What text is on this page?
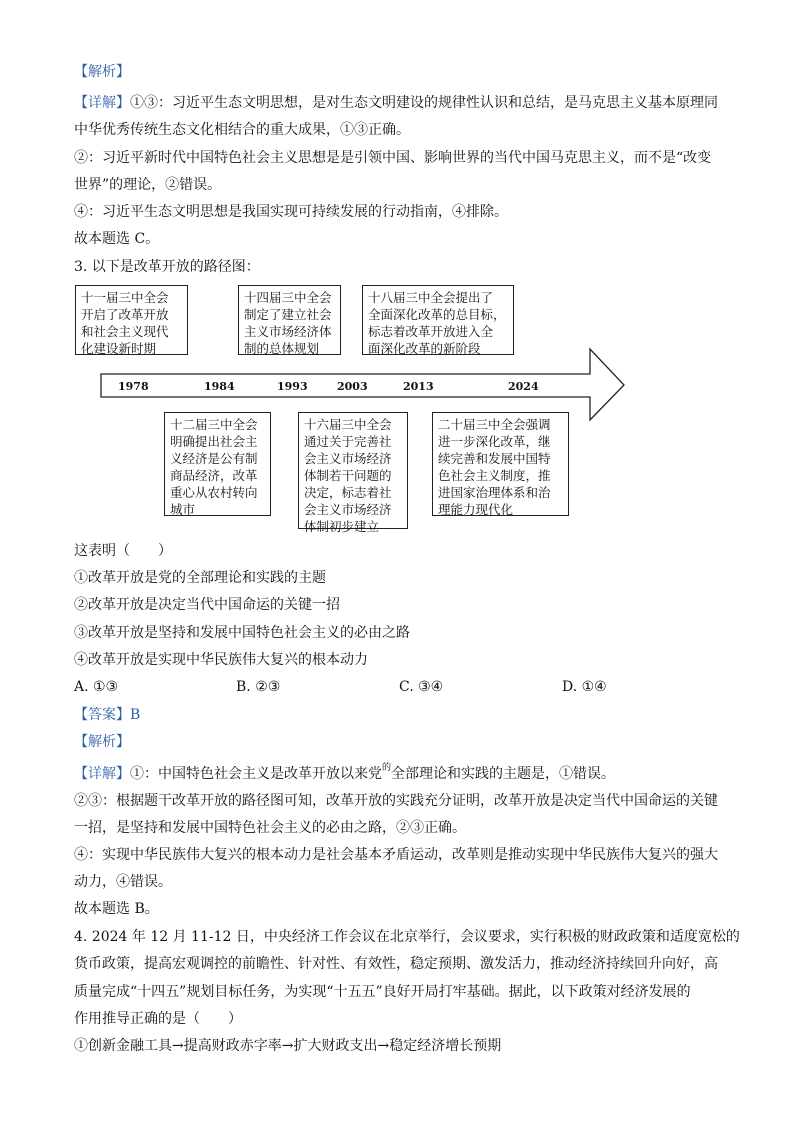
【解析】
【详解】①③：习近平生态文明思想，是对生态文明建设的规律性认识和总结，是马克思主义基本原理同
中华优秀传统生态文化相结合的重大成果，①③正确。
②：习近平新时代中国特色社会主义思想是是引领中国、影响世界的当代中国马克思主义，而不是“改变
世界”的理论，②错误。
④：习近平生态文明思想是我国实现可持续发展的行动指南，④排除。
故本题选 C。
3. 以下是改革开放的路径图：
十一届三中全会
开启了改革开放
和社会主义现代
化建设新时期
十四届三中全会
制定了建立社会
主义市场经济体
制的总体规划
十八届三中全会提出了
全面深化改革的总目标，
标志着改革开放进入全
面深化改革的新阶段
1978	1984	1993	2003	2013	2024
十二届三中全会
明确提出社会主
义经济是公有制
商品经济，改革
重心从农村转向
城市
十六届三中全会
通过关于完善社
会主义市场经济
体制若干问题的
决定，标志着社
会主义市场经济
体制初步建立
二十届三中全会强调
进一步深化改革，继
续完善和发展中国特
色社会主义制度，推
进国家治理体系和治
理能力现代化
这表明（　　）
①改革开放是党的全部理论和实践的主题
②改革开放是决定当代中国命运的关键一招
③改革开放是坚持和发展中国特色社会主义的必由之路
④改革开放是实现中华民族伟大复兴的根本动力
A. ①③	B. ②③	C. ③④	D. ①④
【答案】B
【解析】
【详解】①：中国特色社会主义是改革开放以来党$^的$全部理论和实践的主题是，①错误。
②③：根据题干改革开放的路径图可知，改革开放的实践充分证明，改革开放是决定当代中国命运的关键
一招，是坚持和发展中国特色社会主义的必由之路，②③正确。
④：实现中华民族伟大复兴的根本动力是社会基本矛盾运动，改革则是推动实现中华民族伟大复兴的强大
动力，④错误。
故本题选 B。
4. 2024 年 12 月 11-12 日，中央经济工作会议在北京举行，会议要求，实行积极的财政政策和适度宽松的
货币政策，提高宏观调控的前瞻性、针对性、有效性，稳定预期、激发活力，推动经济持续回升向好，高
质量完成“十四五”规划目标任务，为实现“十五五”良好开局打牢基础。据此，以下政策对经济发展的
作用推导正确的是（　　）
①创新金融工具→提高财政赤字率→扩大财政支出→稳定经济增长预期
